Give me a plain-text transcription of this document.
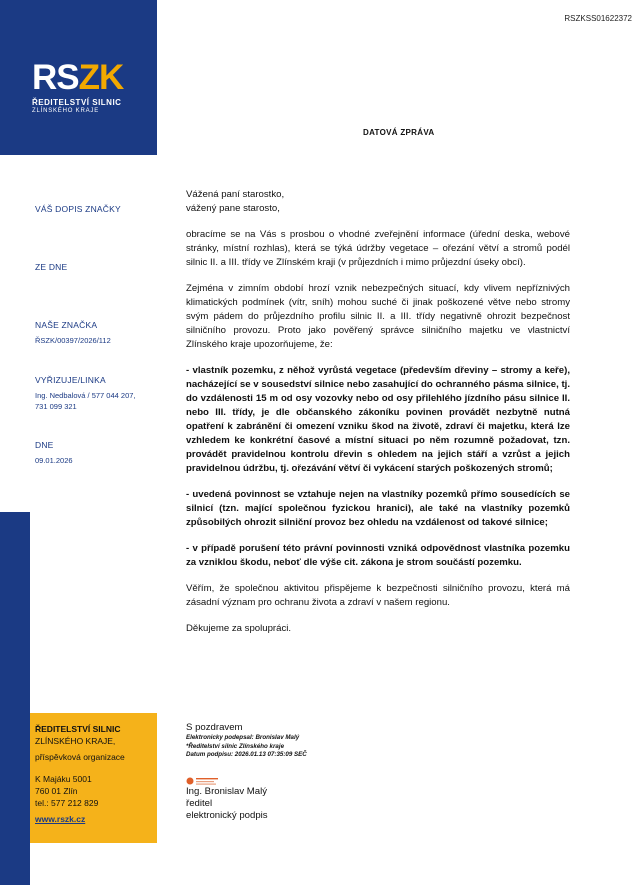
RSZKSS01622372
RSZK
ŘEDITELSTVÍ SILNIC
ZLÍNSKÉHO KRAJE
ŘEDITELSTVÍ SILNIC
ZLÍNSKÉHO KRAJE,
příspěvková organizace
K Majáku 5001
760 01 Zlín
tel.: 577 212 829
www.rszk.cz
VÁŠ DOPIS ZNAČKY
ZE DNE
NAŠE ZNAČKA
ŘSZK/00397/2026/112
VYŘIZUJE/LINKA
Ing. Nedbalová / 577 044 207,
731 099 321
DNE
09.01.2026
DATOVÁ ZPRÁVA

Vážená paní starostko,

vážený pane starosto,

obracíme se na Vás s prosbou o vhodné zveřejnění informace (úřední deska, webové stránky, místní rozhlas), která se týká údržby vegetace – ořezání větví a stromů podél silnic II. a III. třídy ve Zlínském kraji (v průjezdních i mimo průjezdní úseky obcí).

Zejména v zimním období hrozí vznik nebezpečných situací, kdy vlivem nepříznivých klimatických podmínek (vítr, sníh) mohou suché či jinak poškozené větve nebo stromy svým pádem do průjezdního profilu silnic II. a III. třídy negativně ohrozit bezpečnost silničního provozu. Proto jako pověřený správce silničního majetku ve vlastnictví Zlínského kraje upozorňujeme, že:

- vlastník pozemku, z něhož vyrůstá vegetace (především dřeviny – stromy a keře), nacházející se v sousedství silnice nebo zasahující do ochranného pásma silnice, tj. do vzdálenosti 15 m od osy vozovky nebo od osy přilehlého jízdního pásu silnice II. nebo III. třídy, je dle občanského zákoníku povinen provádět nezbytně nutná opatření k zabránění či omezení vzniku škod na životě, zdraví či majetku, která lze vzhledem ke konkrétní časové a místní situaci po něm rozumně požadovat, tzn. provádět pravidelnou kontrolu dřevin s ohledem na jejich stáří a vzrůst a jejich pravidelnou údržbu, tj. ořezávání větví či vykácení starých poškozených stromů;

- uvedená povinnost se vztahuje nejen na vlastníky pozemků přímo sousedících se silnicí (tzn. mající společnou fyzickou hranici), ale také na vlastníky pozemků způsobilých ohrozit silniční provoz bez ohledu na vzdálenost od takové silnice;

- v případě porušení této právní povinnosti vzniká odpovědnost vlastníka pozemku za vzniklou škodu, neboť dle výše cit. zákona je strom součástí pozemku.

Věřím, že společnou aktivitou přispějeme k bezpečnosti silničního provozu, která má zásadní význam pro ochranu života a zdraví v našem regionu.

Děkujeme za spolupráci.

S pozdravem
Elektronicky podepsal: Bronislav Malý
*Ředitelství silnic Zlínského kraje
Datum podpisu: 2026.01.13 07:35:09 SEČ
Ing. Bronislav Malý
ředitel
elektronický podpis
